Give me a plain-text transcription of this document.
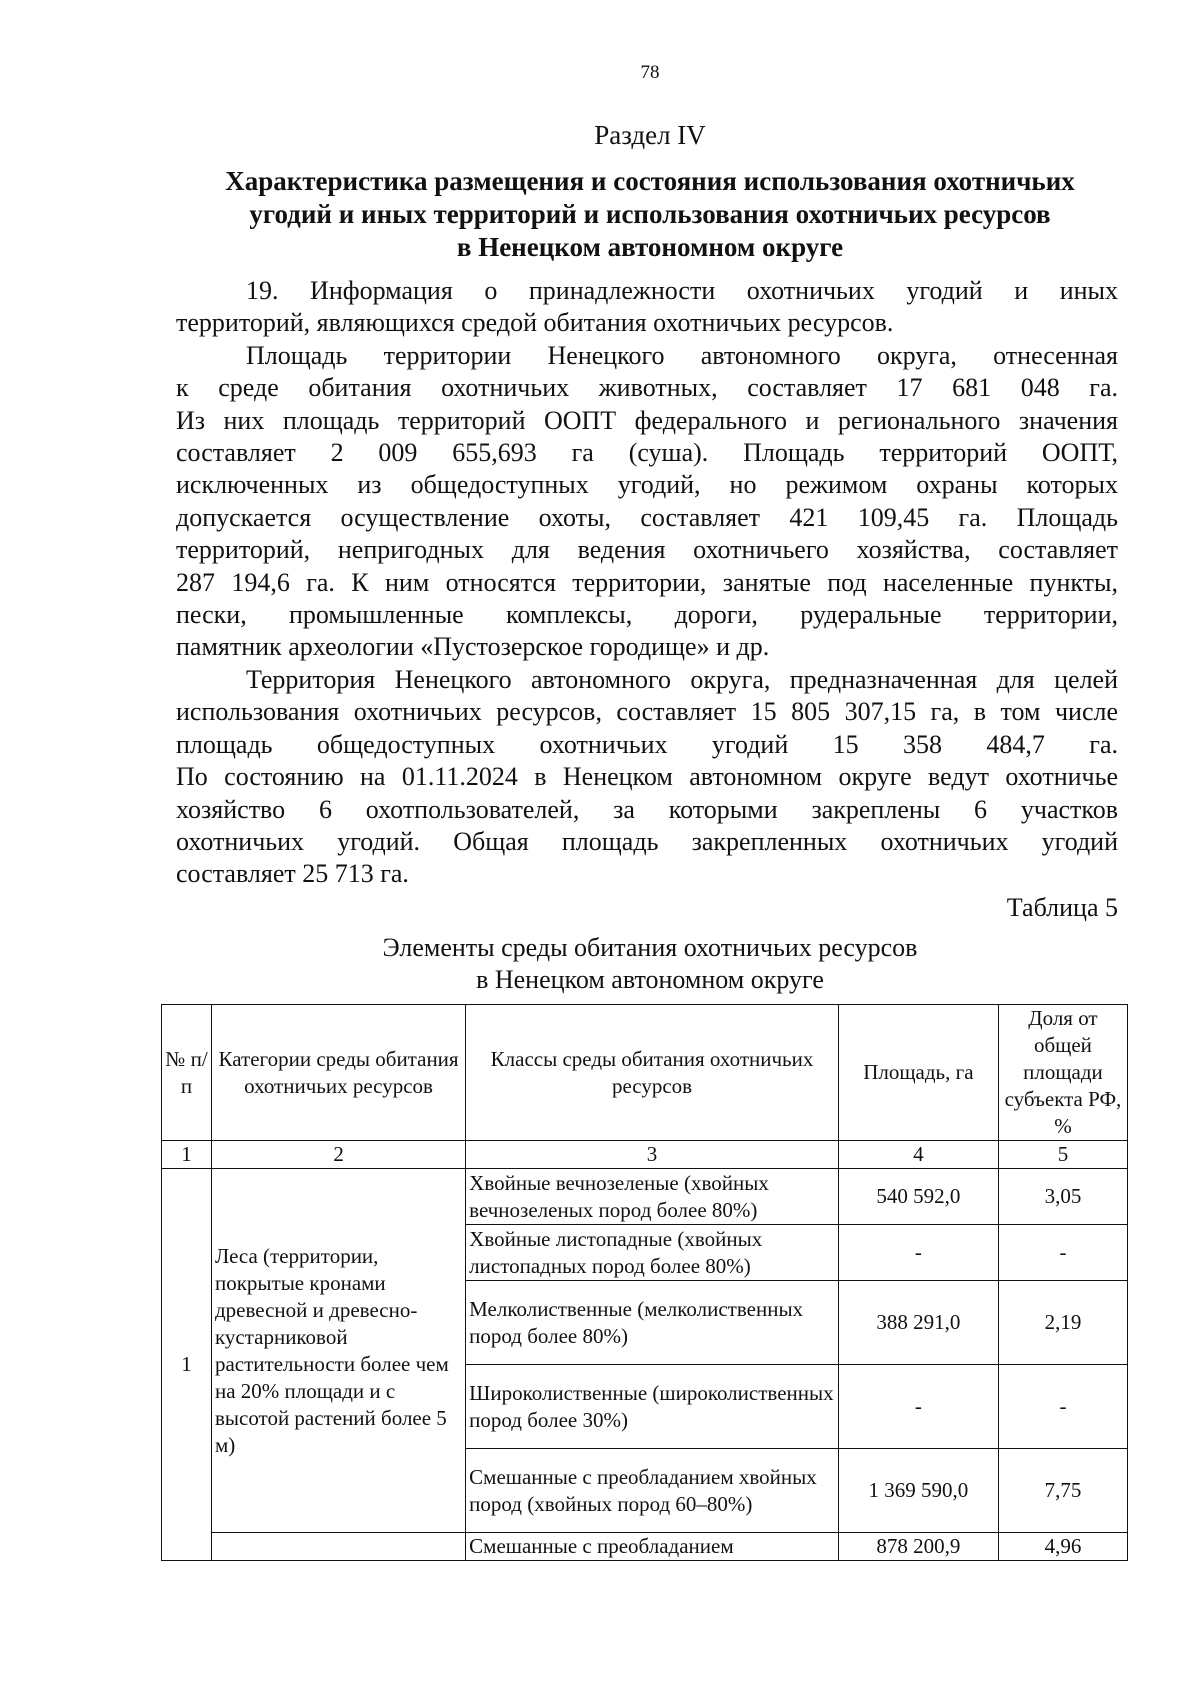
78
Раздел IV
Характеристика размещения и состояния использования охотничьих
угодий и иных территорий и использования охотничьих ресурсов
в Ненецком автономном округе

19. Информация о принадлежности охотничьих угодий и иных
территорий, являющихся средой обитания охотничьих ресурсов.

Площадь территории Ненецкого автономного округа, отнесенная
к среде обитания охотничьих животных, составляет 17 681 048 га.
Из них площадь территорий ООПТ федерального и регионального значения
составляет 2 009 655,693 га (суша). Площадь территорий ООПТ,
исключенных из общедоступных угодий, но режимом охраны которых
допускается осуществление охоты, составляет 421 109,45 га. Площадь
территорий, непригодных для ведения охотничьего хозяйства, составляет
287 194,6 га. К ним относятся территории, занятые под населенные пункты,
пески, промышленные комплексы, дороги, рудеральные территории,
памятник археологии «Пустозерское городище» и др.

Территория Ненецкого автономного округа, предназначенная для целей
использования охотничьих ресурсов, составляет 15 805 307,15 га, в том числе
площадь общедоступных охотничьих угодий 15 358 484,7 га.
По состоянию на 01.11.2024 в Ненецком автономном округе ведут охотничье
хозяйство 6 охотпользователей, за которыми закреплены 6 участков
охотничьих угодий. Общая площадь закрепленных охотничьих угодий
составляет 25 713 га.

Таблица 5
Элементы среды обитания охотничьих ресурсов
в Ненецком автономном округе
№ п/п	Категории среды обитания охотничьих ресурсов	Классы среды обитания охотничьих ресурсов	Площадь, га	Доля от общей площади субъекта РФ, %
1	2	3	4	5
1	Леса (территории, покрытые кронами древесной и древесно-кустарниковой растительности более чем на 20% площади и с высотой растений более 5 м)	Хвойные вечнозеленые (хвойных вечнозеленых пород более 80%)	540 592,0	3,05
		Хвойные листопадные (хвойных листопадных пород более 80%)	-	-
		Мелколиственные (мелколиственных пород более 80%)	388 291,0	2,19
		Широколиственные (широколиственных пород более 30%)	-	-
		Смешанные с преобладанием хвойных пород (хвойных пород 60–80%)	1 369 590,0	7,75
		Смешанные с преобладанием	878 200,9	4,96
